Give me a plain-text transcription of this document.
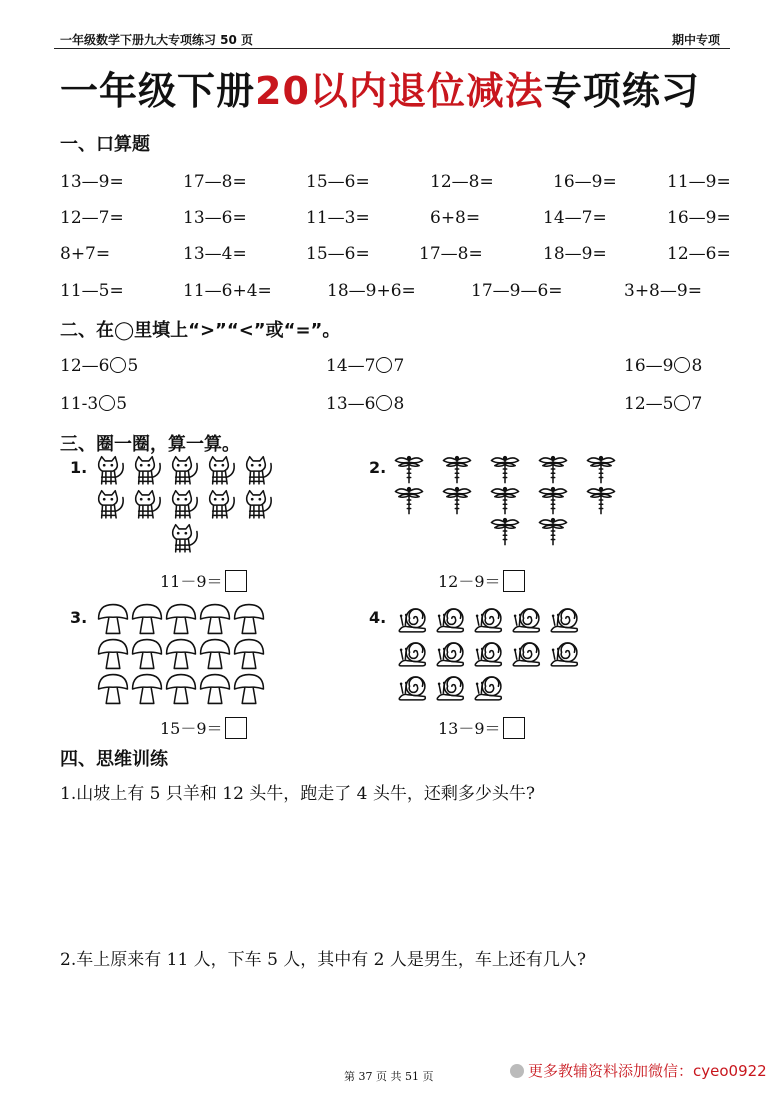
一年级数学下册九大专项练习 50 页	期中专项
一年级下册20以内退位减法专项练习
一、口算题
13—9=	17—8=	15—6=	12—8=	16—9=	11—9=
12—7=	13—6=	11—3=	6+8=	14—7=	16—9=
8+7=	13—4=	15—6=	17—8=	18—9=	12—6=
11—5=	11—6+4=	18—9+6=	17—9—6=	3+8—9=
二、在◯里填上“>”“<”或“=”。
12—6 5	14—7 7	16—9 8
11-3 5	13—6 8	12—5 7
三、圈一圈，算一算。
1.
11－9＝
2.
12－9＝
3.
15－9＝
4.
13－9＝
四、思维训练
1.山坡上有 5 只羊和 12 头牛，跑走了 4 头牛，还剩多少头牛?
2.车上原来有 11 人，下车 5 人，其中有 2 人是男生，车上还有几人?
第 37 页 共 51 页	更多教辅资料添加微信：cyeo0922
